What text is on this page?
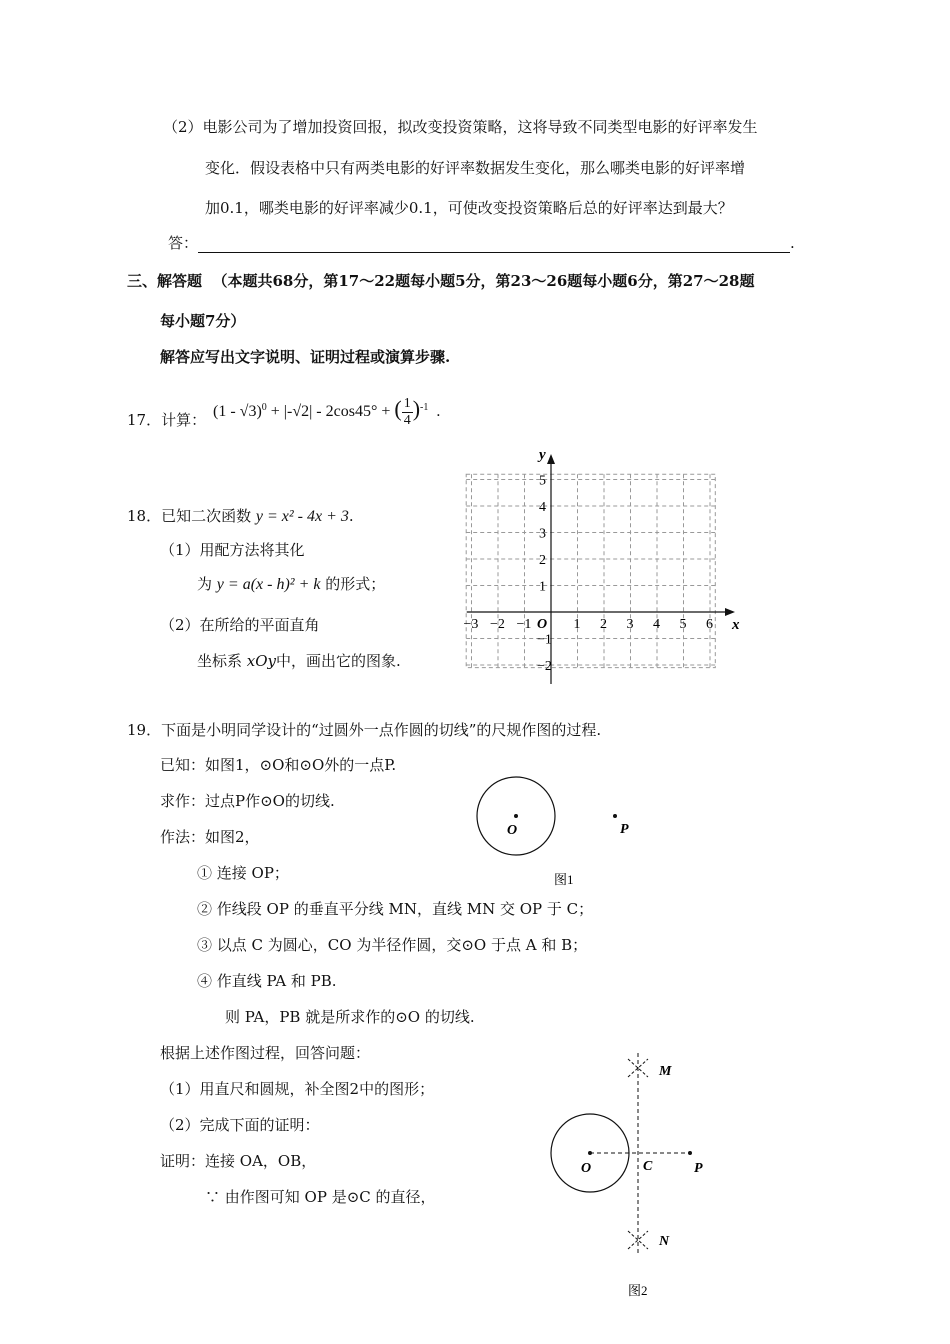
（2）电影公司为了增加投资回报，拟改变投资策略，这将导致不同类型电影的好评率发生
变化．假设表格中只有两类电影的好评率数据发生变化，那么哪类电影的好评率增
加0.1，哪类电影的好评率减少0.1，可使改变投资策略后总的好评率达到最大？
答：	.
三、解答题 （本题共68分，第17～22题每小题5分，第23～26题每小题6分，第27～28题
每小题7分）
解答应写出文字说明、证明过程或演算步骤.
17．计算： (1 - √3)$^0$ + |-√2| - 2cos45° + ( $\frac{1}{4} )^{-1}$ .
18．已知二次函数 y = x² - 4x + 3.
（1）用配方法将其化
为 y = a(x - h)² + k 的形式；
（2）在所给的平面直角
坐标系 xOy中，画出它的图象.
x
y
O
−3 −2 −1	1 2 3 4 5 6
5
4
3
2
1
−1
−2
19．下面是小明同学设计的“过圆外一点作圆的切线”的尺规作图的过程.
已知：如图1，⊙O和⊙O外的一点P.
求作：过点P作⊙O的切线.
作法：如图2，
① 连接 OP；
② 作线段 OP 的垂直平分线 MN，直线 MN 交 OP 于 C；
③ 以点 C 为圆心，CO 为半径作圆，交⊙O 于点 A 和 B；
④ 作直线 PA 和 PB.
则 PA，PB 就是所求作的⊙O 的切线.
根据上述作图过程，回答问题：
（1）用直尺和圆规，补全图2中的图形；
（2）完成下面的证明：
证明：连接 OA，OB，
∵ 由作图可知 OP 是⊙C 的直径，
O	P
图1
M
N
O	C	P
图2
